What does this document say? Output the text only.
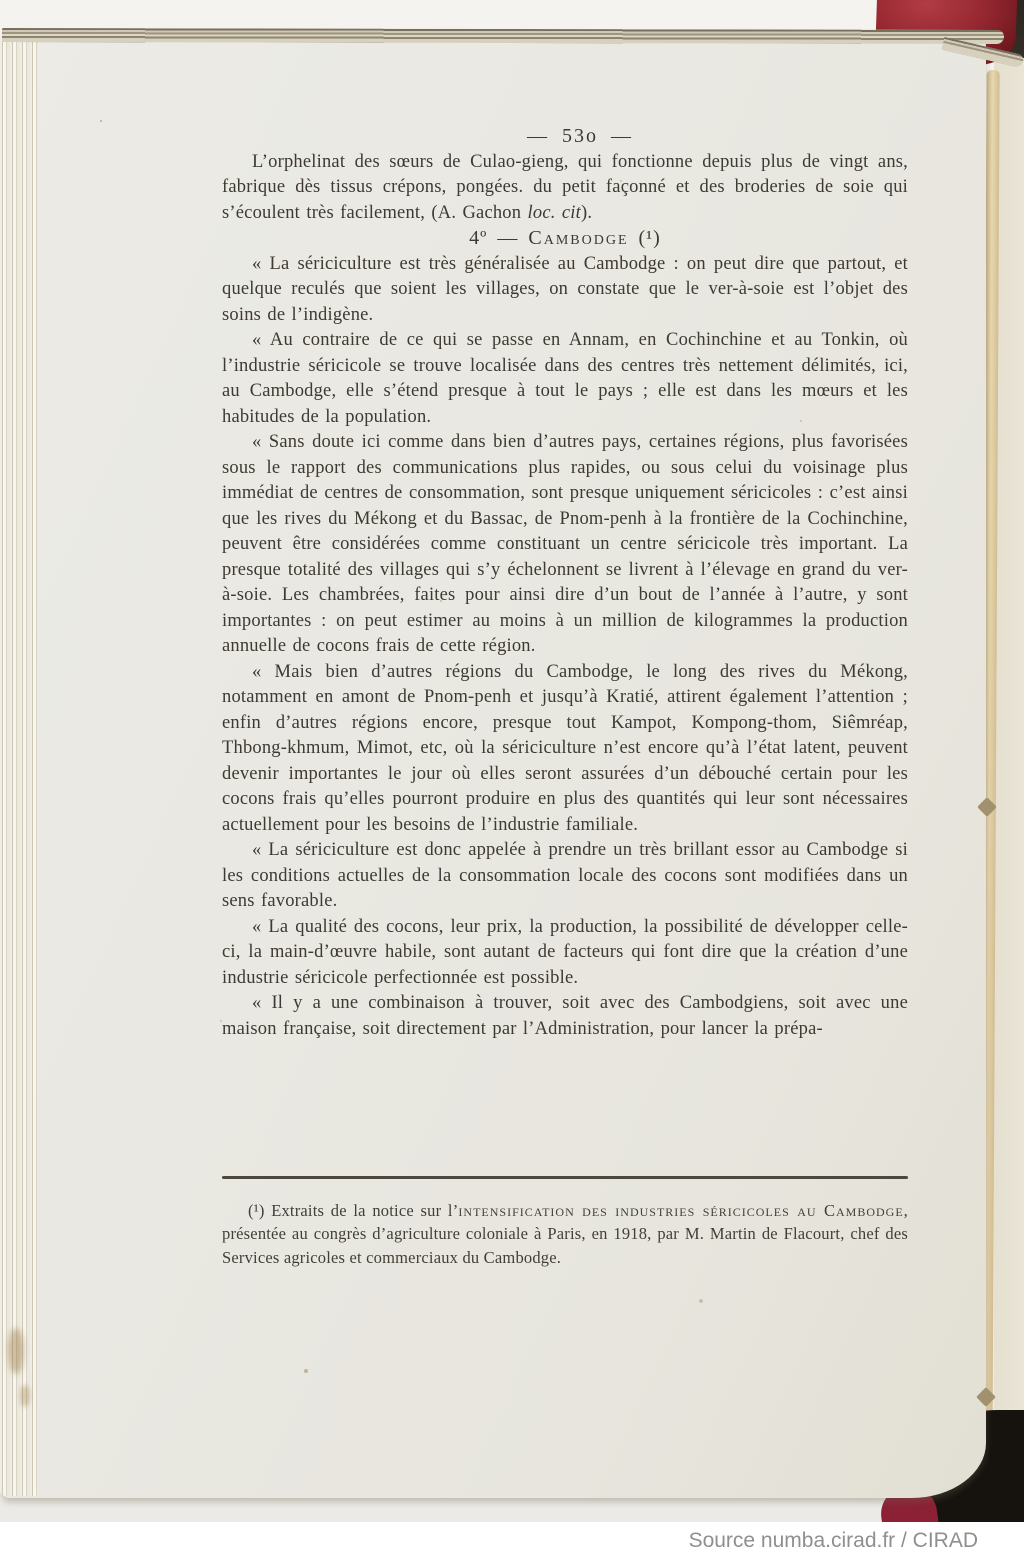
— 53o —

L’orphelinat des sœurs de Culao-gieng, qui fonctionne depuis plus de vingt ans, fabrique dès tissus crépons, pongées. du petit façonné et des broderies de soie qui s’écoulent très facilement, (A. Gachon loc. cit).

4º — Cambodge (¹)

« La sériciculture est très généralisée au Cambodge : on peut dire que partout, et quelque reculés que soient les villages, on constate que le ver-à-soie est l’objet des soins de l’indigène.

« Au contraire de ce qui se passe en Annam, en Cochinchine et au Tonkin, où l’industrie séricicole se trouve localisée dans des centres très nettement délimités, ici, au Cambodge, elle s’étend presque à tout le pays ; elle est dans les mœurs et les habitudes de la population.

« Sans doute ici comme dans bien d’autres pays, certaines régions, plus favorisées sous le rapport des communications plus rapides, ou sous celui du voisinage plus immédiat de centres de consommation, sont presque uniquement séricicoles : c’est ainsi que les rives du Mékong et du Bassac, de Pnom-penh à la frontière de la Cochinchine, peuvent être considérées comme constituant un centre séricicole très important. La presque totalité des villages qui s’y échelonnent se livrent à l’élevage en grand du ver-à-soie. Les chambrées, faites pour ainsi dire d’un bout de l’année à l’autre, y sont importantes : on peut estimer au moins à un million de kilogrammes la production annuelle de cocons frais de cette région.

« Mais bien d’autres régions du Cambodge, le long des rives du Mékong, notamment en amont de Pnom-penh et jusqu’à Kratié, attirent également l’attention ; enfin d’autres régions encore, presque tout Kampot, Kompong-thom, Siêmréap, Thbong-khmum, Mimot, etc, où la sériciculture n’est encore qu’à l’état latent, peuvent devenir importantes le jour où elles seront assurées d’un débouché certain pour les cocons frais qu’elles pourront produire en plus des quantités qui leur sont nécessaires actuellement pour les besoins de l’industrie familiale.

« La sériciculture est donc appelée à prendre un très brillant essor au Cambodge si les conditions actuelles de la consommation locale des cocons sont modifiées dans un sens favorable.

« La qualité des cocons, leur prix, la production, la possibilité de développer celle-ci, la main-d’œuvre habile, sont autant de facteurs qui font dire que la création d’une industrie séricicole perfectionnée est possible.

« Il y a une combinaison à trouver, soit avec des Cambodgiens, soit avec une maison française, soit directement par l’Administration, pour lancer la prépa-

(¹) Extraits de la notice sur l’intensification des industries séricicoles au Cambodge, présentée au congrès d’agriculture coloniale à Paris, en 1918, par M. Martin de Flacourt, chef des Services agricoles et commerciaux du Cambodge.

Source numba.cirad.fr / CIRAD
